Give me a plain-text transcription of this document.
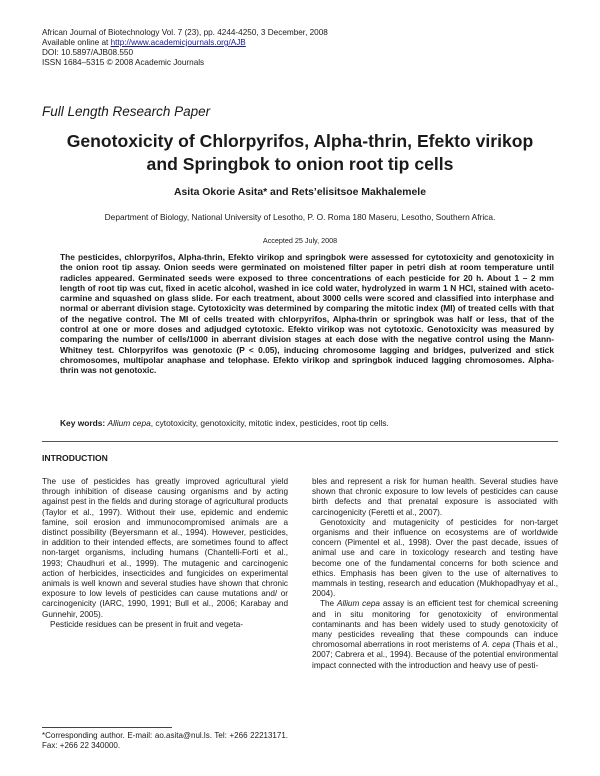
African Journal of Biotechnology Vol. 7 (23), pp. 4244-4250, 3 December, 2008
Available online at http://www.academicjournals.org/AJB
DOI: 10.5897/AJB08.550
ISSN 1684–5315 © 2008 Academic Journals
Full Length Research Paper
Genotoxicity of Chlorpyrifos, Alpha-thrin, Efekto virikop
and Springbok to onion root tip cells
Asita Okorie Asita* and Rets’elisitsoe Makhalemele
Department of Biology, National University of Lesotho, P. O. Roma 180 Maseru, Lesotho, Southern Africa.
Accepted 25 July, 2008
The pesticides, chlorpyrifos, Alpha-thrin, Efekto virikop and springbok were assessed for cytotoxicity and genotoxicity in the onion root tip assay. Onion seeds were germinated on moistened filter paper in petri dish at room temperature until radicles appeared. Germinated seeds were exposed to three concentrations of each pesticide for 20 h. About 1 – 2 mm length of root tip was cut, fixed in acetic alcohol, washed in ice cold water, hydrolyzed in warm 1 N HCl, stained with aceto-carmine and squashed on glass slide. For each treatment, about 3000 cells were scored and classified into interphase and normal or aberrant division stage. Cytotoxicity was determined by comparing the mitotic index (MI) of treated cells with that of the negative control. The MI of cells treated with chlorpyrifos, Alpha-thrin or springbok was half or less, that of the control at one or more doses and adjudged cytotoxic. Efekto virikop was not cytotoxic. Genotoxicity was measured by comparing the number of cells/1000 in aberrant division stages at each dose with the negative control using the Mann-Whitney test. Chlorpyrifos was genotoxic (P < 0.05), inducing chromosome lagging and bridges, pulverized and stick chromosomes, multipolar anaphase and telophase. Efekto virikop and springbok induced lagging chromosomes. Alpha-thrin was not genotoxic.
Key words: Allium cepa, cytotoxicity, genotoxicity, mitotic index, pesticides, root tip cells.
INTRODUCTION

The use of pesticides has greatly improved agricultural yield through inhibition of disease causing organisms and by acting against pest in the fields and during storage of agricultural products (Taylor et al., 1997). Without their use, epidemic and endemic famine, soil erosion and immunocompromised animals are a distinct possibility (Beyersmann et al., 1994). However, pesticides, in addition to their intended effects, are sometimes found to affect non-target organisms, including humans (Chantelli-Forti et al., 1993; Chaudhuri et al., 1999). The mutagenic and carcinogenic action of herbicides, insecticides and fungicides on experimental animals is well known and several studies have shown that chronic exposure to low levels of pesticides can cause mutations and/ or carcinogenicity (IARC, 1990, 1991; Bull et al., 2006; Karabay and Gunnehir, 2005).

Pesticide residues can be present in fruit and vegeta-

bles and represent a risk for human health. Several studies have shown that chronic exposure to low levels of pesticides can cause birth defects and that prenatal exposure is associated with carcinogenicity (Feretti et al., 2007).

Genotoxicity and mutagenicity of pesticides for non-target organisms and their influence on ecosystems are of worldwide concern (Pimentel et al., 1998). Over the past decade, issues of animal use and care in toxicology research and testing have become one of the fundamental concerns for both science and ethics. Emphasis has been given to the use of alternatives to mammals in testing, research and education (Mukhopadhyay et al., 2004).

The Allium cepa assay is an efficient test for chemical screening and in situ monitoring for genotoxicity of environmental contaminants and has been widely used to study genotoxicity of many pesticides revealing that these compounds can induce chromosomal aberrations in root meristems of A. cepa (Thais et al., 2007; Cabrera et al., 1994). Because of the potential environmental impact connected with the introduction and heavy use of pesti-

*Corresponding author. E-mail: ao.asita@nul.ls. Tel: +266 22213171. Fax: +266 22 340000.
